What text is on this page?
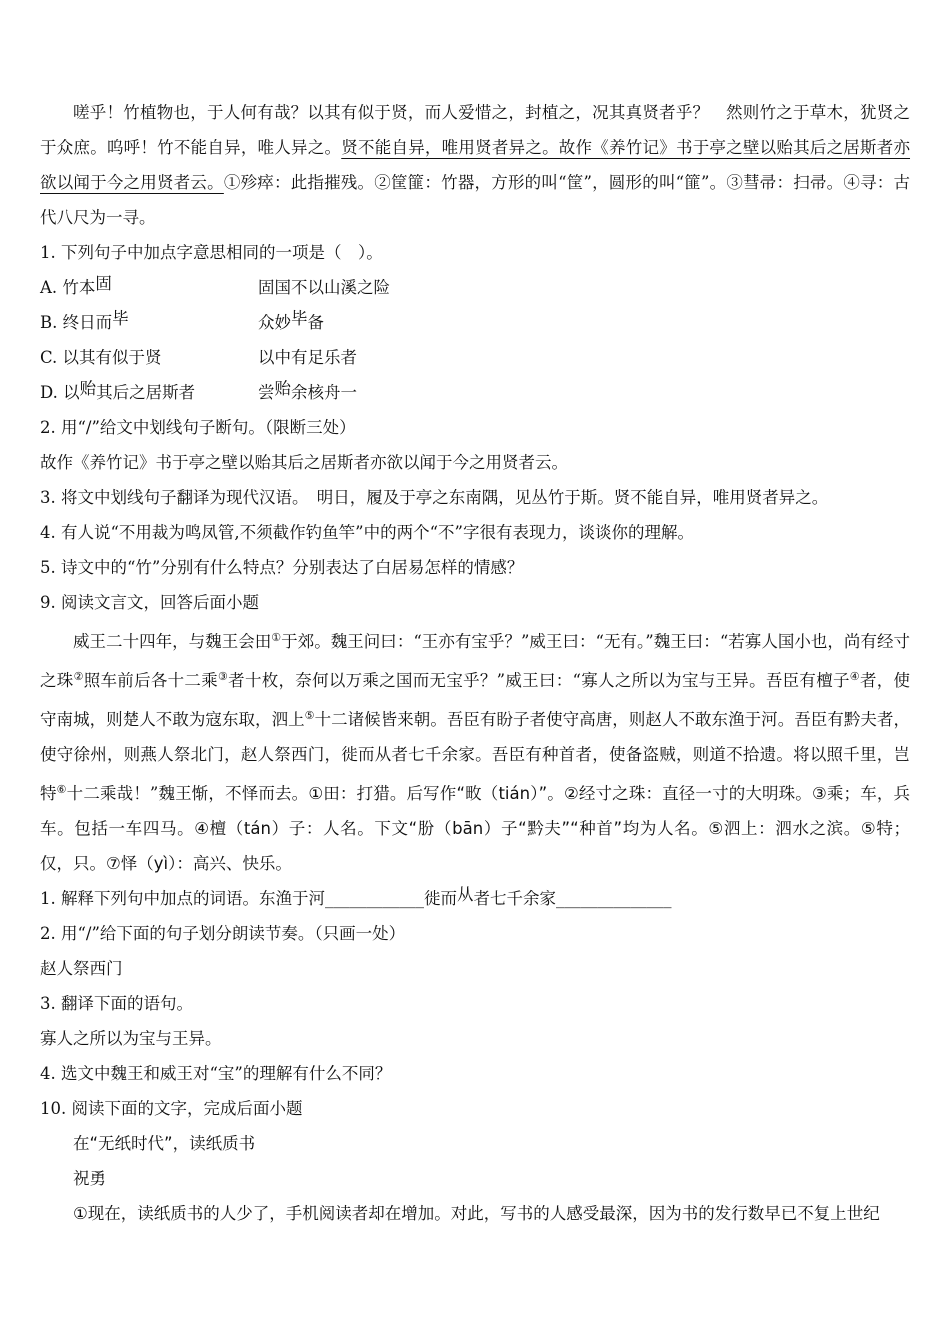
嗟乎！竹植物也，于人何有哉？以其有似于贤，而人爱惜之，封植之，况其真贤者乎？　然则竹之于草木，犹贤之于众庶。呜呼！竹不能自异，唯人异之。贤不能自异，唯用贤者异之。故作《养竹记》书于亭之壁以贻其后之居斯者亦欲以闻于今之用贤者云。①殄瘁：此指摧残。②筐篚：竹器，方形的叫“筐”，圆形的叫“篚”。③彗帚：扫帚。④寻：古代八尺为一寻。

1. 下列句子中加点字意思相同的一项是（　）。

A. 竹本固	固国不以山溪之险

B. 终日而毕	众妙毕备

C. 以其有似于贤	以中有足乐者

D. 以贻其后之居斯者	尝贻余核舟一

2. 用“/”给文中划线句子断句。（限断三处）

故作《养竹记》书于亭之壁以贻其后之居斯者亦欲以闻于今之用贤者云。

3. 将文中划线句子翻译为现代汉语。　明日，履及于亭之东南隅，见丛竹于斯。贤不能自异，唯用贤者异之。

4. 有人说“不用裁为鸣凤管,不须截作钓鱼竿”中的两个“不”字很有表现力，谈谈你的理解。

5. 诗文中的“竹”分别有什么特点？分别表达了白居易怎样的情感？

9. 阅读文言文，回答后面小题

威王二十四年，与魏王会田①于郊。魏王问曰：“王亦有宝乎？”威王曰：“无有。”魏王曰：“若寡人国小也，尚有经寸之珠②照车前后各十二乘③者十枚，奈何以万乘之国而无宝乎？”威王曰：“寡人之所以为宝与王异。吾臣有檀子④者，使守南城，则楚人不敢为寇东取，泗上⑤十二诸候皆来朝。吾臣有盼子者使守高唐，则赵人不敢东渔于河。吾臣有黔夫者，使守徐州，则燕人祭北门，赵人祭西门，徙而从者七千余家。吾臣有种首者，使备盗贼，则道不拾遗。将以照千里，岂特⑥十二乘哉！”魏王惭，不怿而去。①田：打猎。后写作“畋（tián）”。②经寸之珠：直径一寸的大明珠。③乘；车，兵车。包括一车四马。④檀（tán）子：人名。下文“朌（bān）子“黔夫”“种首”均为人名。⑤泗上：泗水之滨。⑤特；仅，只。⑦怿（yì）：高兴、快乐。

1. 解释下列句中加点的词语。东渔于河____________徙而从者七千余家______________

2. 用“/”给下面的句子划分朗读节奏。（只画一处）

赵人祭西门

3. 翻译下面的语句。

寡人之所以为宝与王异。

4. 选文中魏王和威王对“宝”的理解有什么不同？

10. 阅读下面的文字，完成后面小题

在“无纸时代”，读纸质书

祝勇

①现在，读纸质书的人少了，手机阅读者却在增加。对此，写书的人感受最深，因为书的发行数早已不复上世纪
